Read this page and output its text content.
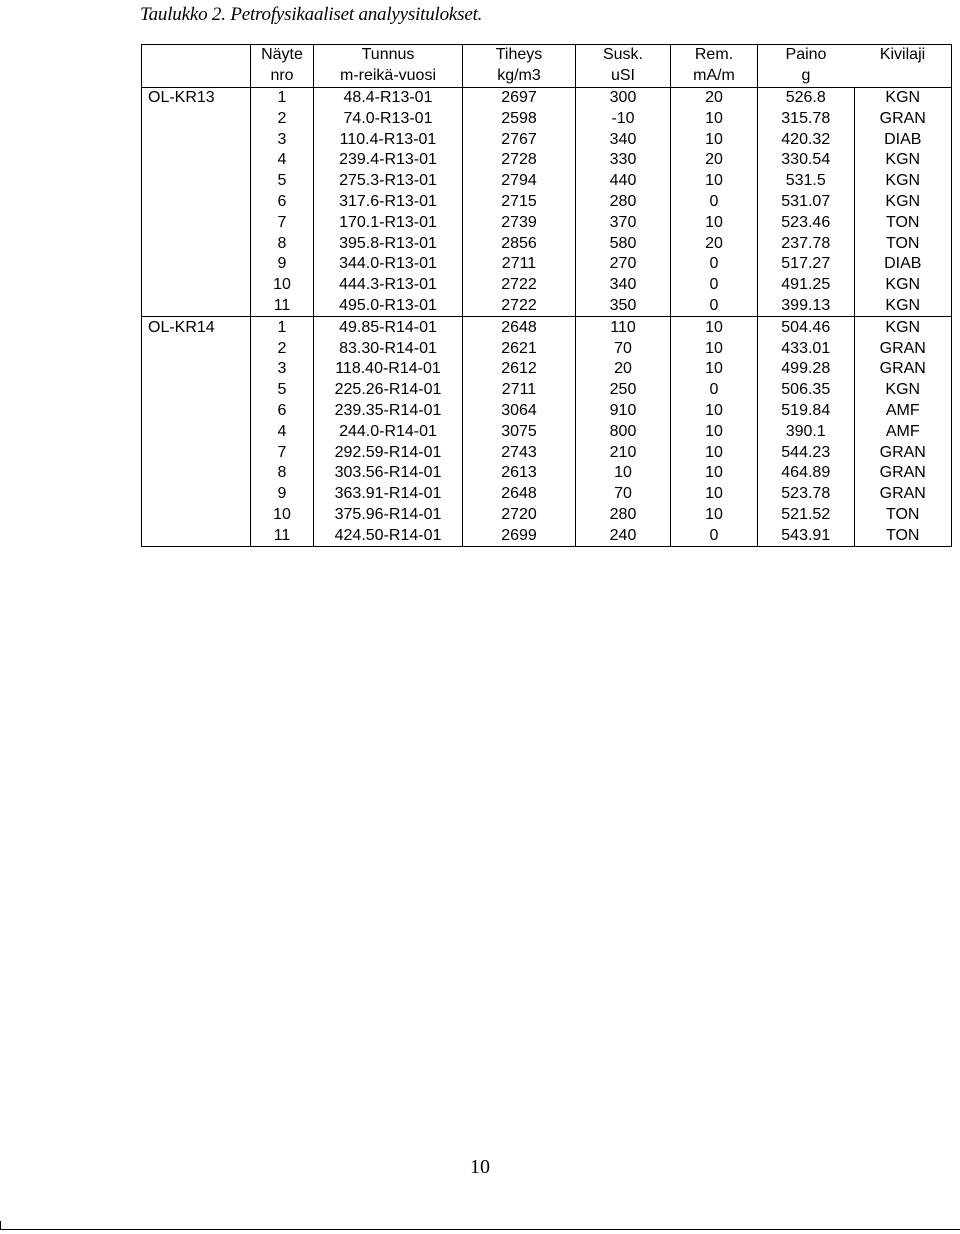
Taulukko 2. Petrofysikaaliset analyysitulokset.
	Näyte	Tunnus	Tiheys	Susk.	Rem.	Paino	Kivilaji
	nro	m-reikä-vuosi	kg/m3	uSI	mA/m	g	
OL-KR13	1	48.4-R13-01	2697	300	20	526.8	KGN
	2	74.0-R13-01	2598	-10	10	315.78	GRAN
	3	110.4-R13-01	2767	340	10	420.32	DIAB
	4	239.4-R13-01	2728	330	20	330.54	KGN
	5	275.3-R13-01	2794	440	10	531.5	KGN
	6	317.6-R13-01	2715	280	0	531.07	KGN
	7	170.1-R13-01	2739	370	10	523.46	TON
	8	395.8-R13-01	2856	580	20	237.78	TON
	9	344.0-R13-01	2711	270	0	517.27	DIAB
	10	444.3-R13-01	2722	340	0	491.25	KGN
	11	495.0-R13-01	2722	350	0	399.13	KGN
OL-KR14	1	49.85-R14-01	2648	110	10	504.46	KGN
	2	83.30-R14-01	2621	70	10	433.01	GRAN
	3	118.40-R14-01	2612	20	10	499.28	GRAN
	5	225.26-R14-01	2711	250	0	506.35	KGN
	6	239.35-R14-01	3064	910	10	519.84	AMF
	4	244.0-R14-01	3075	800	10	390.1	AMF
	7	292.59-R14-01	2743	210	10	544.23	GRAN
	8	303.56-R14-01	2613	10	10	464.89	GRAN
	9	363.91-R14-01	2648	70	10	523.78	GRAN
	10	375.96-R14-01	2720	280	10	521.52	TON
	11	424.50-R14-01	2699	240	0	543.91	TON
10
